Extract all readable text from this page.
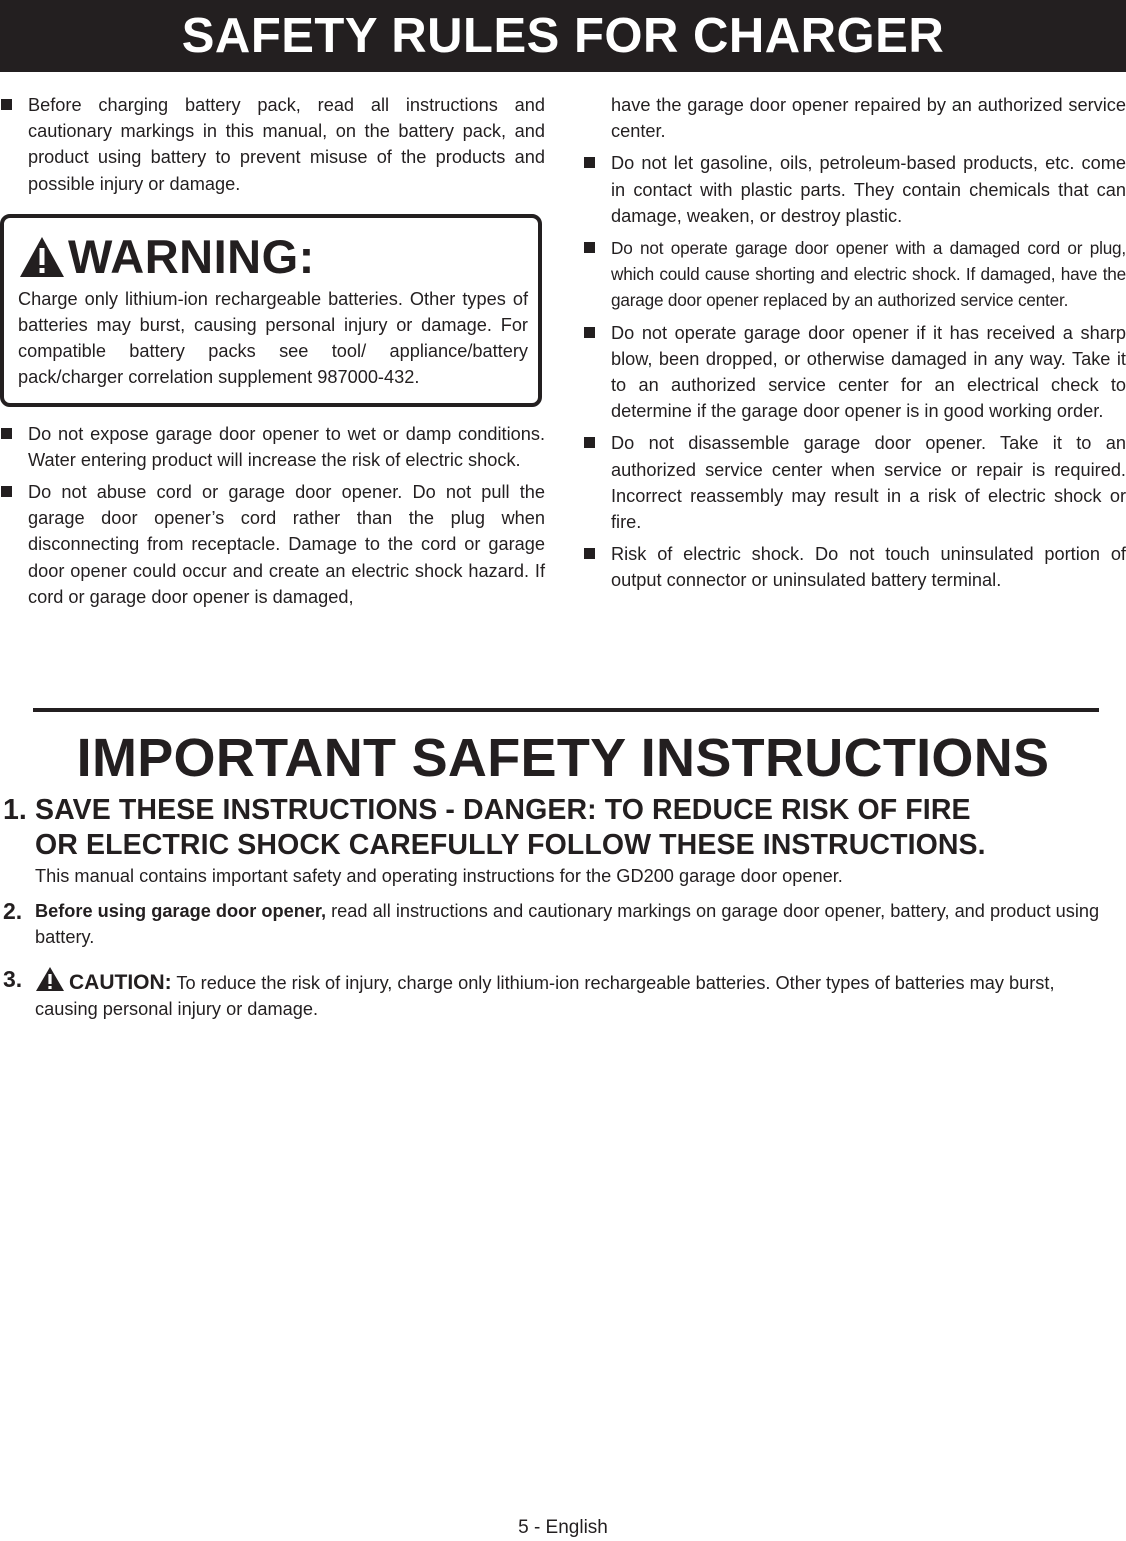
SAFETY RULES FOR CHARGER
Before charging battery pack, read all instructions and cautionary markings in this manual, on the battery pack, and product using battery to prevent misuse of the products and possible injury or damage.
WARNING:
Charge only lithium-ion rechargeable batteries. Other types of batteries may burst, causing personal injury or damage. For compatible battery packs see tool/ appliance/battery pack/charger correlation supplement 987000-432.
Do not expose garage door opener to wet or damp conditions. Water entering product will increase the risk of electric shock.
Do not abuse cord or garage door opener. Do not pull the garage door opener’s cord rather than the plug when disconnecting from receptacle. Damage to the cord or garage door opener could occur and create an electric shock hazard. If cord or garage door opener is damaged,
have the garage door opener repaired by an authorized service center.
Do not let gasoline, oils, petroleum-based products, etc. come in contact with plastic parts. They contain chemicals that can damage, weaken, or destroy plastic.
Do not operate garage door opener with a damaged cord or plug, which could cause shorting and electric shock. If damaged, have the garage door opener replaced by an authorized service center.
Do not operate garage door opener if it has received a sharp blow, been dropped, or otherwise damaged in any way. Take it to an authorized service center for an electrical check to determine if the garage door opener is in good working order.
Do not disassemble garage door opener. Take it to an authorized service center when service or repair is required. Incorrect reassembly may result in a risk of electric shock or fire.
Risk of electric shock. Do not touch uninsulated portion of output connector or uninsulated battery terminal.
IMPORTANT SAFETY INSTRUCTIONS
1. SAVE THESE INSTRUCTIONS - DANGER: TO REDUCE RISK OF FIRE
OR ELECTRIC SHOCK CAREFULLY FOLLOW THESE INSTRUCTIONS.
This manual contains important safety and operating instructions for the GD200 garage door opener.
2. Before using garage door opener, read all instructions and cautionary markings on garage door opener, battery, and product using battery.
3.	CAUTION: To reduce the risk of injury, charge only lithium-ion rechargeable batteries. Other types of batteries may burst, causing personal injury or damage.
5 - English
